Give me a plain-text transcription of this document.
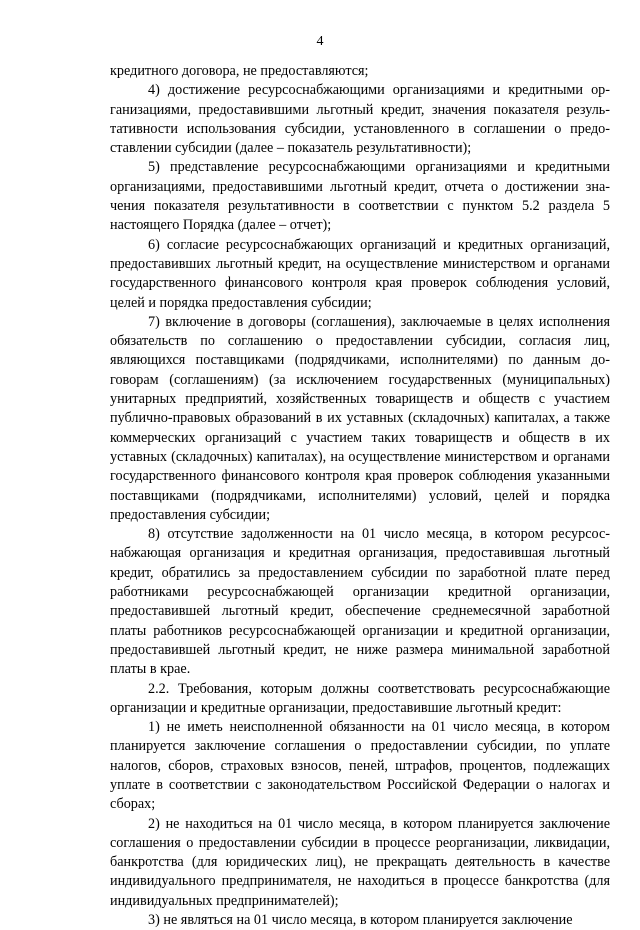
4

кредитного договора, не предоставляются;

4) достижение ресурсоснабжающими организациями и кредитными организациями, предоставившими льготный кредит, значения показателя результативности использования субсидии, установленного в соглашении о предоставлении субсидии (далее – показатель результативности);

5) представление ресурсоснабжающими организациями и кредитными организациями, предоставившими льготный кредит, отчета о достижении значения показателя результативности в соответствии с пунктом 5.2 раздела 5 настоящего Порядка (далее – отчет);

6) согласие ресурсоснабжающих организаций и кредитных организаций, предоставивших льготный кредит, на осуществление министерством и органами государственного финансового контроля края проверок соблюдения условий, целей и порядка предоставления субсидии;

7) включение в договоры (соглашения), заключаемые в целях исполнения обязательств по соглашению о предоставлении субсидии, согласия лиц, являющихся поставщиками (подрядчиками, исполнителями) по данным договорам (соглашениям) (за исключением государственных (муниципальных) унитарных предприятий, хозяйственных товариществ и обществ с участием публично-правовых образований в их уставных (складочных) капиталах, а также коммерческих организаций с участием таких товариществ и обществ в их уставных (складочных) капиталах), на осуществление министерством и органами государственного финансового контроля края проверок соблюдения указанными поставщиками (подрядчиками, исполнителями) условий, целей и порядка предоставления субсидии;

8) отсутствие задолженности на 01 число месяца, в котором ресурсоснабжающая организация и кредитная организация, предоставившая льготный кредит, обратились за предоставлением субсидии по заработной плате перед работниками ресурсоснабжающей организации кредитной организации, предоставившей льготный кредит, обеспечение среднемесячной заработной платы работников ресурсоснабжающей организации и кредитной организации, предоставившей льготный кредит, не ниже размера минимальной заработной платы в крае.

2.2. Требования, которым должны соответствовать ресурсоснабжающие организации и кредитные организации, предоставившие льготный кредит:

1) не иметь неисполненной обязанности на 01 число месяца, в котором планируется заключение соглашения о предоставлении субсидии, по уплате налогов, сборов, страховых взносов, пеней, штрафов, процентов, подлежащих уплате в соответствии с законодательством Российской Федерации о налогах и сборах;

2) не находиться на 01 число месяца, в котором планируется заключение соглашения о предоставлении субсидии в процессе реорганизации, ликвидации, банкротства (для юридических лиц), не прекращать деятельность в качестве индивидуального предпринимателя, не находиться в процессе банкротства (для индивидуальных предпринимателей);

3) не являться на 01 число месяца, в котором планируется заключение
